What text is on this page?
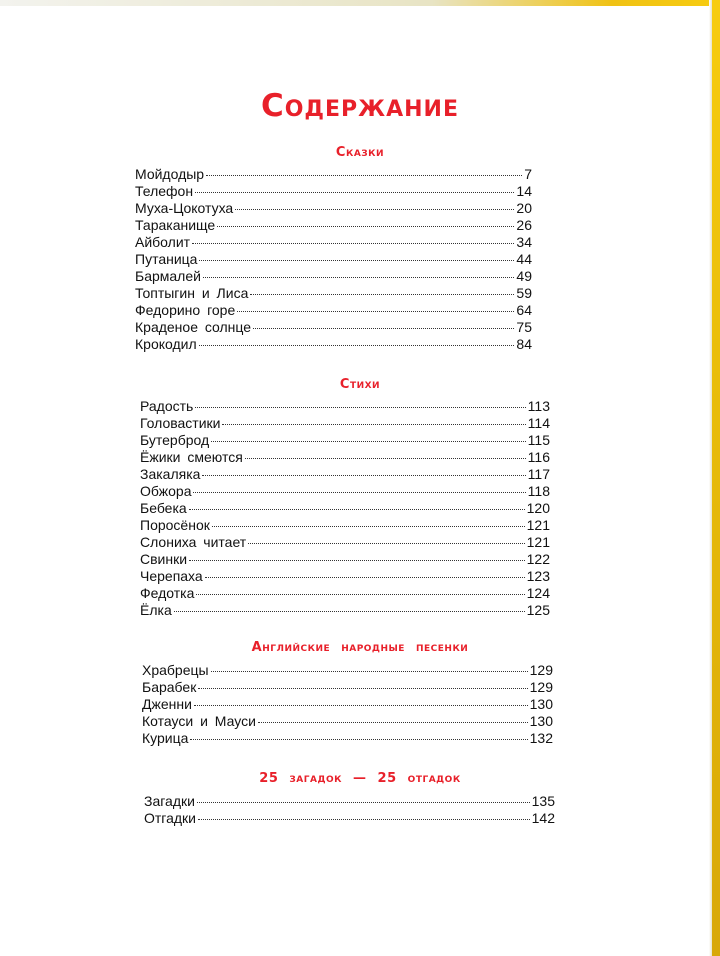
Содержание
Сказки
Мойдодыр	7
Телефон	14
Муха-Цокотуха	20
Тараканище	26
Айболит	34
Путаница	44
Бармалей	49
Топтыгин и Лиса	59
Федорино горе	64
Краденое солнце	75
Крокодил	84
Стихи
Радость	113
Головастики	114
Бутерброд	115
Ёжики смеются	116
Закаляка	117
Обжора	118
Бебека	120
Поросёнок	121
Слониха читает	121
Свинки	122
Черепаха	123
Федотка	124
Ёлка	125
Английские народные песенки
Храбрецы	129
Барабек	129
Дженни	130
Котауси и Мауси	130
Курица	132
25 загадок — 25 отгадок
Загадки	135
Отгадки	142
